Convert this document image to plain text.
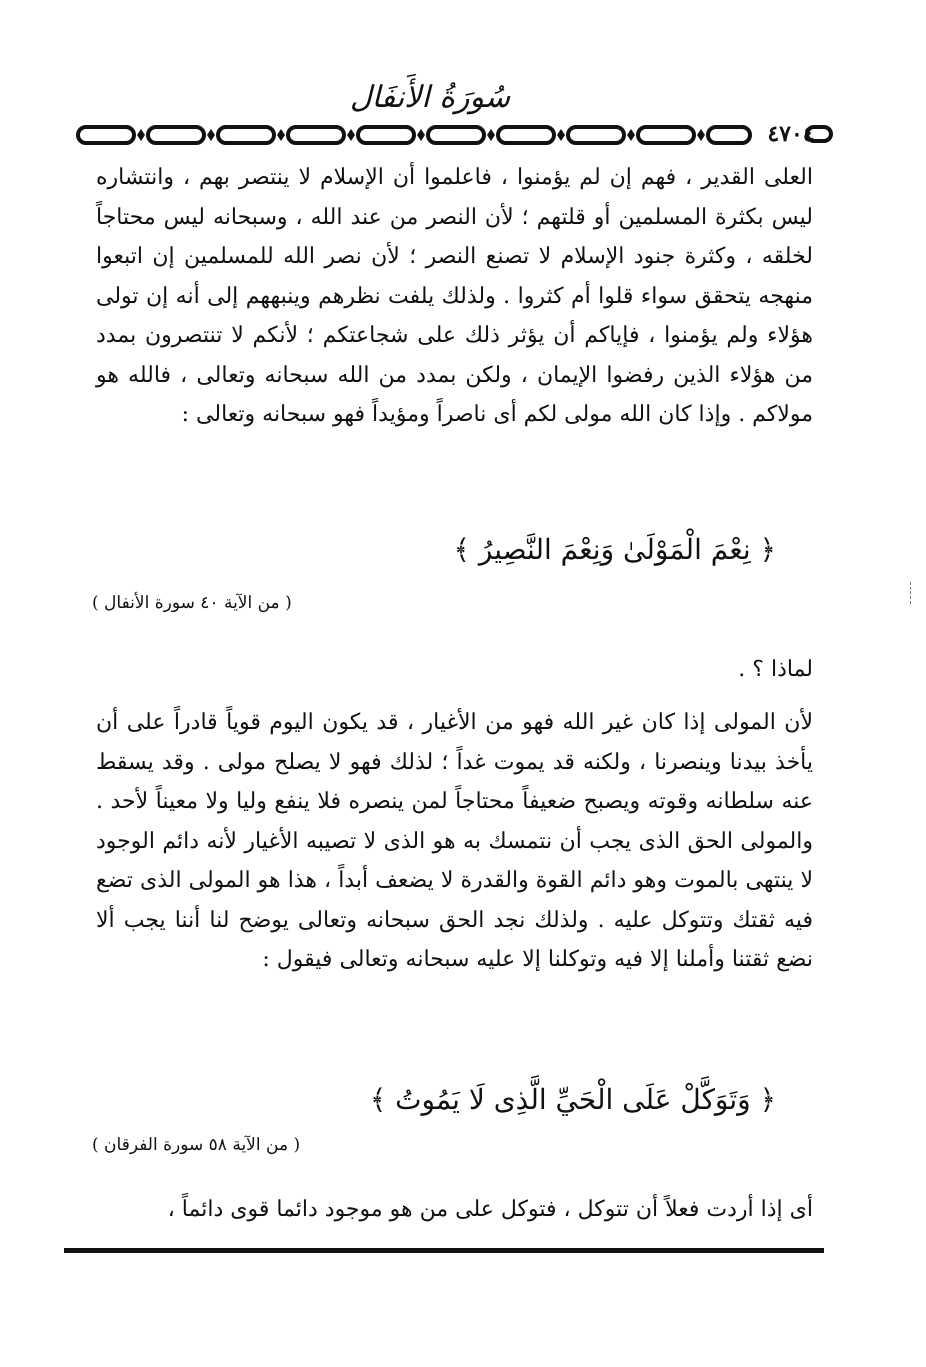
سُورَةُ الأَنفَال
٤٧٠٤

العلى القدير ، فهم إن لم يؤمنوا ، فاعلموا أن الإسلام لا ينتصر بهم ، وانتشاره ليس بكثرة المسلمين أو قلتهم ؛ لأن النصر من عند الله ، وسبحانه ليس محتاجاً لخلقه ، وكثرة جنود الإسلام لا تصنع النصر ؛ لأن نصر الله للمسلمين إن اتبعوا منهجه يتحقق سواء قلوا أم كثروا . ولذلك يلفت نظرهم وينبههم إلى أنه إن تولى هؤلاء ولم يؤمنوا ، فإياكم أن يؤثر ذلك على شجاعتكم ؛ لأنكم لا تنتصرون بمدد من هؤلاء الذين رفضوا الإيمان ، ولكن بمدد من الله سبحانه وتعالى ، فالله هو مولاكم . وإذا كان الله مولى لكم أى ناصراً ومؤيداً فهو سبحانه وتعالى :

﴿ نِعْمَ الْمَوْلَىٰ وَنِعْمَ النَّصِيرُ ﴾
( من الآية ٤٠ سورة الأنفال )
لماذا ؟ .

لأن المولى إذا كان غير الله فهو من الأغيار ، قد يكون اليوم قوياً قادراً على أن يأخذ بيدنا وينصرنا ، ولكنه قد يموت غداً ؛ لذلك فهو لا يصلح مولى . وقد يسقط عنه سلطانه وقوته ويصبح ضعيفاً محتاجاً لمن ينصره فلا ينفع وليا ولا معيناً لأحد . والمولى الحق الذى يجب أن نتمسك به هو الذى لا تصيبه الأغيار لأنه دائم الوجود لا ينتهى بالموت وهو دائم القوة والقدرة لا يضعف أبداً ، هذا هو المولى الذى تضع فيه ثقتك وتتوكل عليه . ولذلك نجد الحق سبحانه وتعالى يوضح لنا أننا يجب ألا نضع ثقتنا وأملنا إلا فيه وتوكلنا إلا عليه سبحانه وتعالى فيقول :

﴿ وَتَوَكَّلْ عَلَى الْحَيِّ الَّذِى لَا يَمُوتُ ﴾
( من الآية ٥٨ سورة الفرقان )

أى إذا أردت فعلاً أن تتوكل ، فتوكل على من هو موجود دائما قوى دائماً ،
